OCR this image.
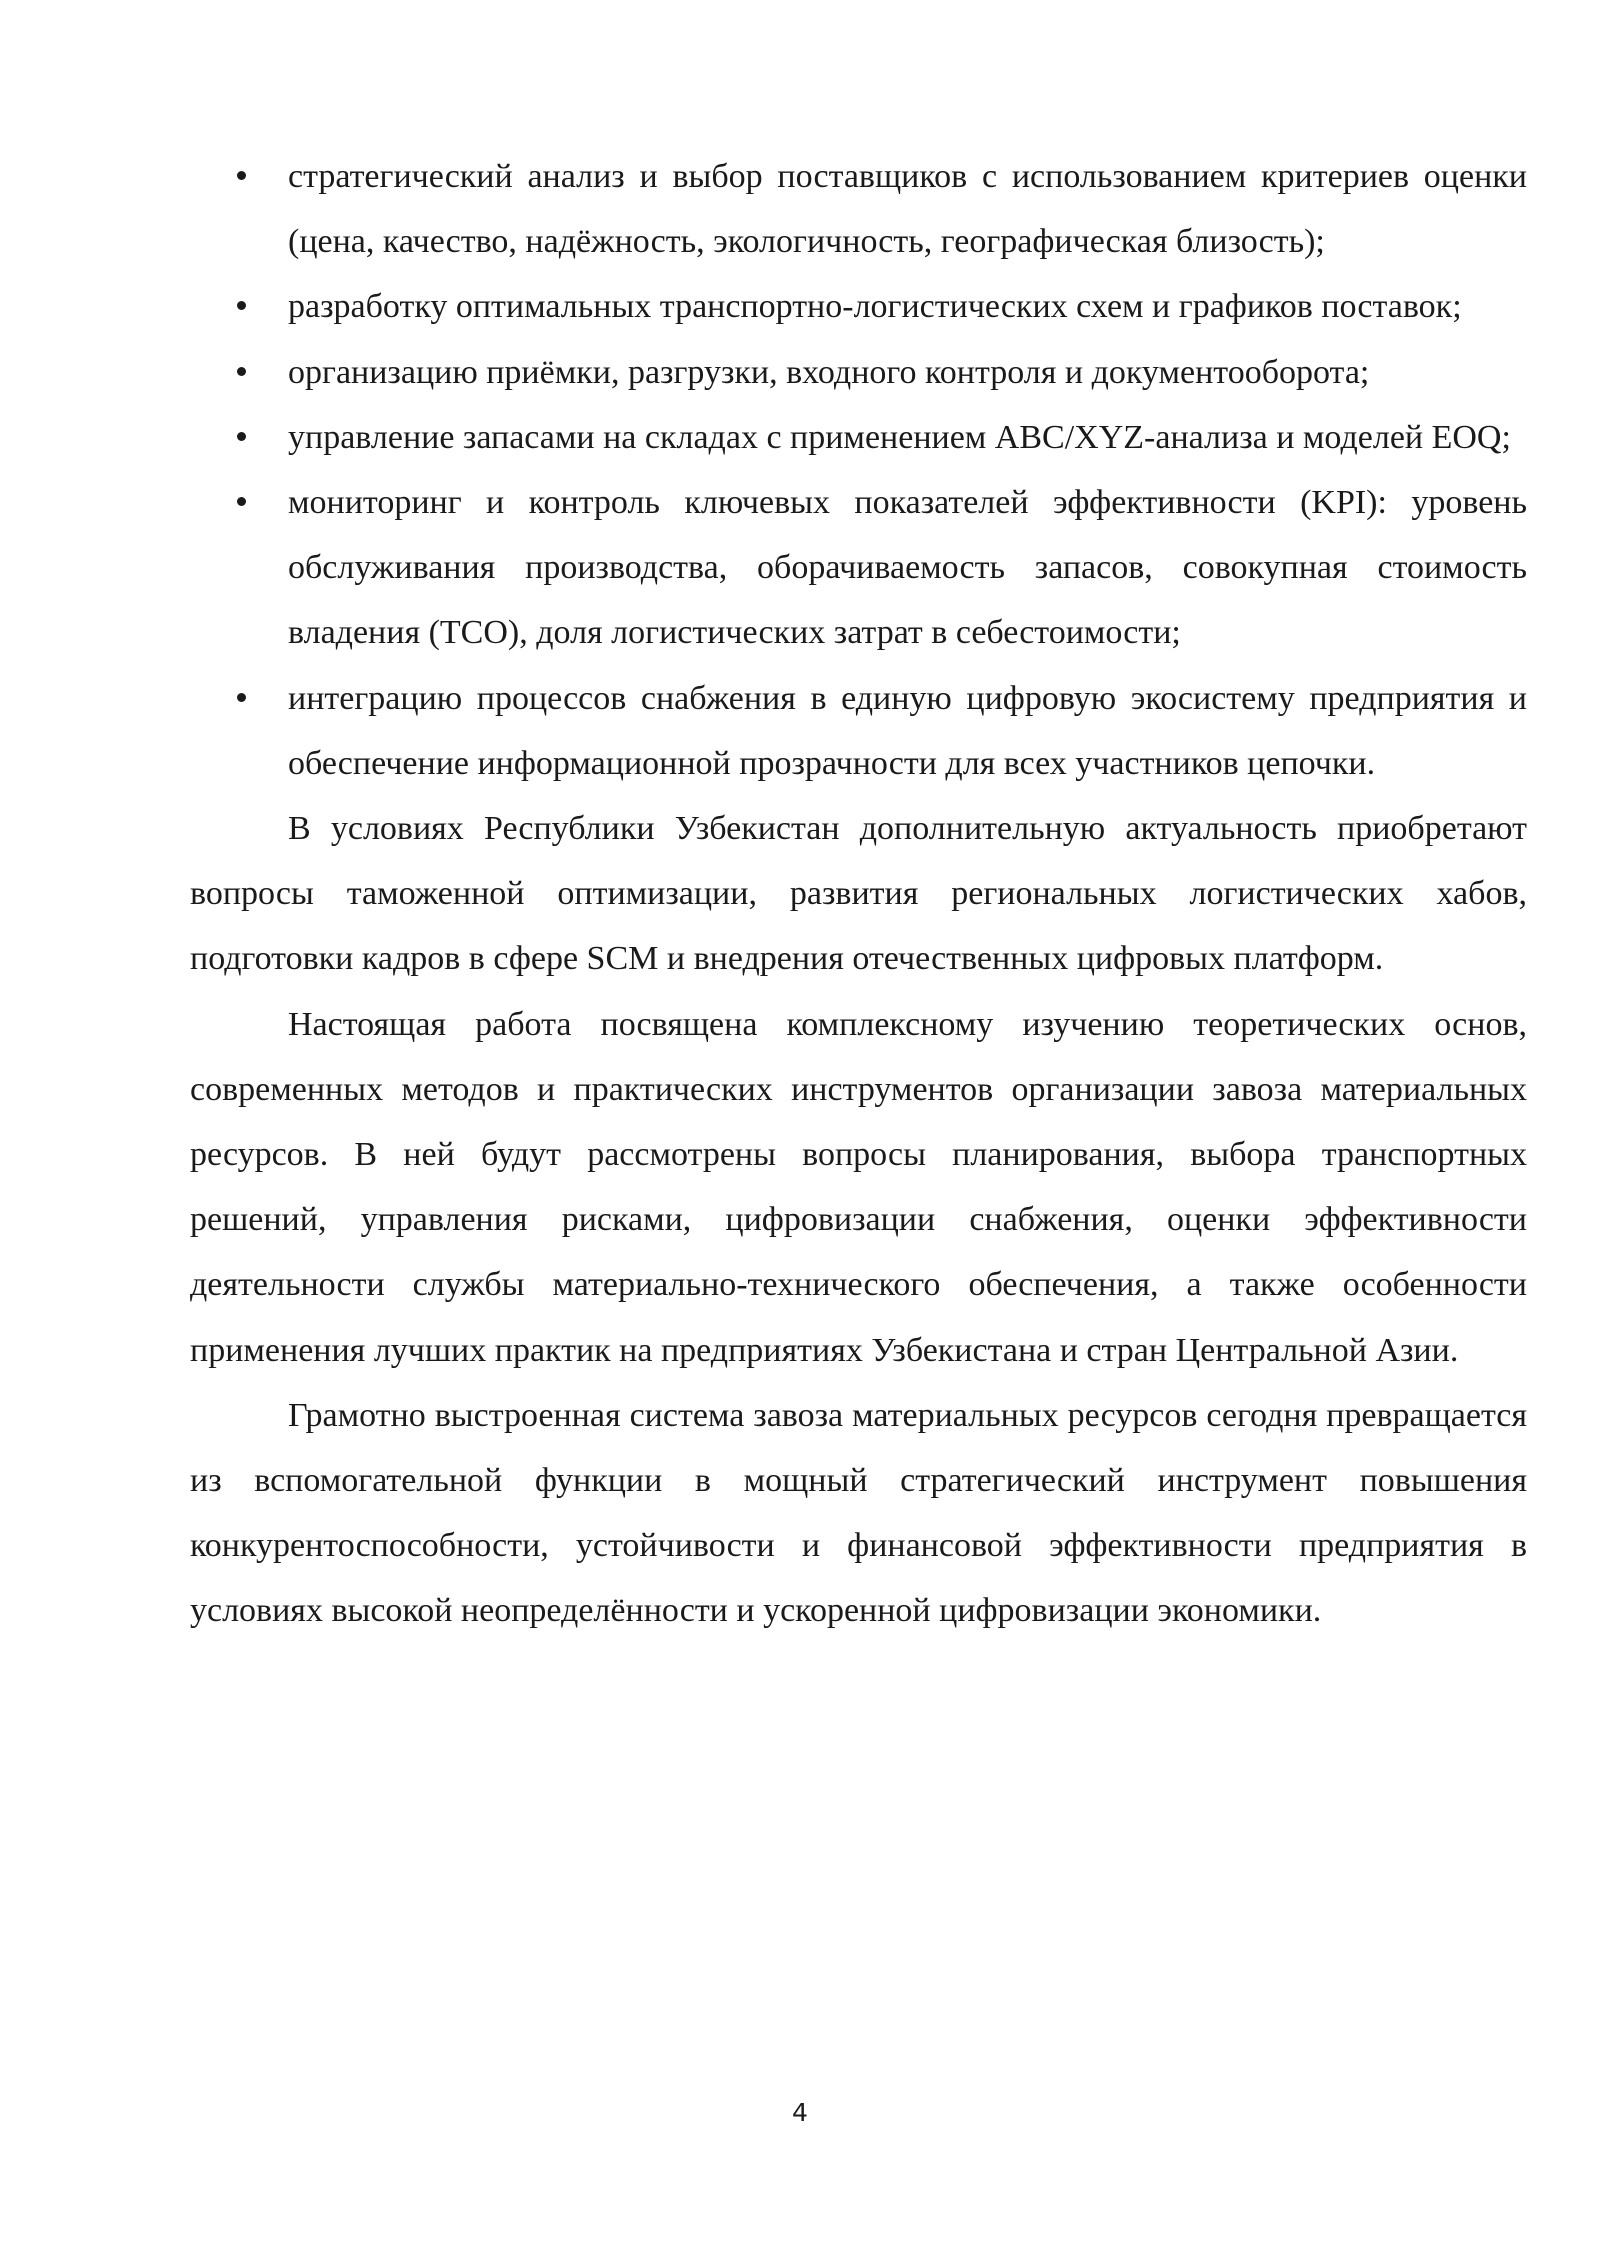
стратегический анализ и выбор поставщиков с использованием критериев оценки (цена, качество, надёжность, экологичность, географическая близость);
разработку оптимальных транспортно-логистических схем и графиков поставок;
организацию приёмки, разгрузки, входного контроля и документооборота;
управление запасами на складах с применением ABC/XYZ-анализа и моделей EOQ;
мониторинг и контроль ключевых показателей эффективности (KPI): уровень обслуживания производства, оборачиваемость запасов, совокупная стоимость владения (TCO), доля логистических затрат в себестоимости;
интеграцию процессов снабжения в единую цифровую экосистему предприятия и обеспечение информационной прозрачности для всех участников цепочки.

В условиях Республики Узбекистан дополнительную актуальность приобретают вопросы таможенной оптимизации, развития региональных логистических хабов, подготовки кадров в сфере SCM и внедрения отечественных цифровых платформ.

Настоящая работа посвящена комплексному изучению теоретических основ, современных методов и практических инструментов организации завоза материальных ресурсов. В ней будут рассмотрены вопросы планирования, выбора транспортных решений, управления рисками, цифровизации снабжения, оценки эффективности деятельности службы материально-технического обеспечения, а также особенности применения лучших практик на предприятиях Узбекистана и стран Центральной Азии.

Грамотно выстроенная система завоза материальных ресурсов сегодня превращается из вспомогательной функции в мощный стратегический инструмент повышения конкурентоспособности, устойчивости и финансовой эффективности предприятия в условиях высокой неопределённости и ускоренной цифровизации экономики.

4
